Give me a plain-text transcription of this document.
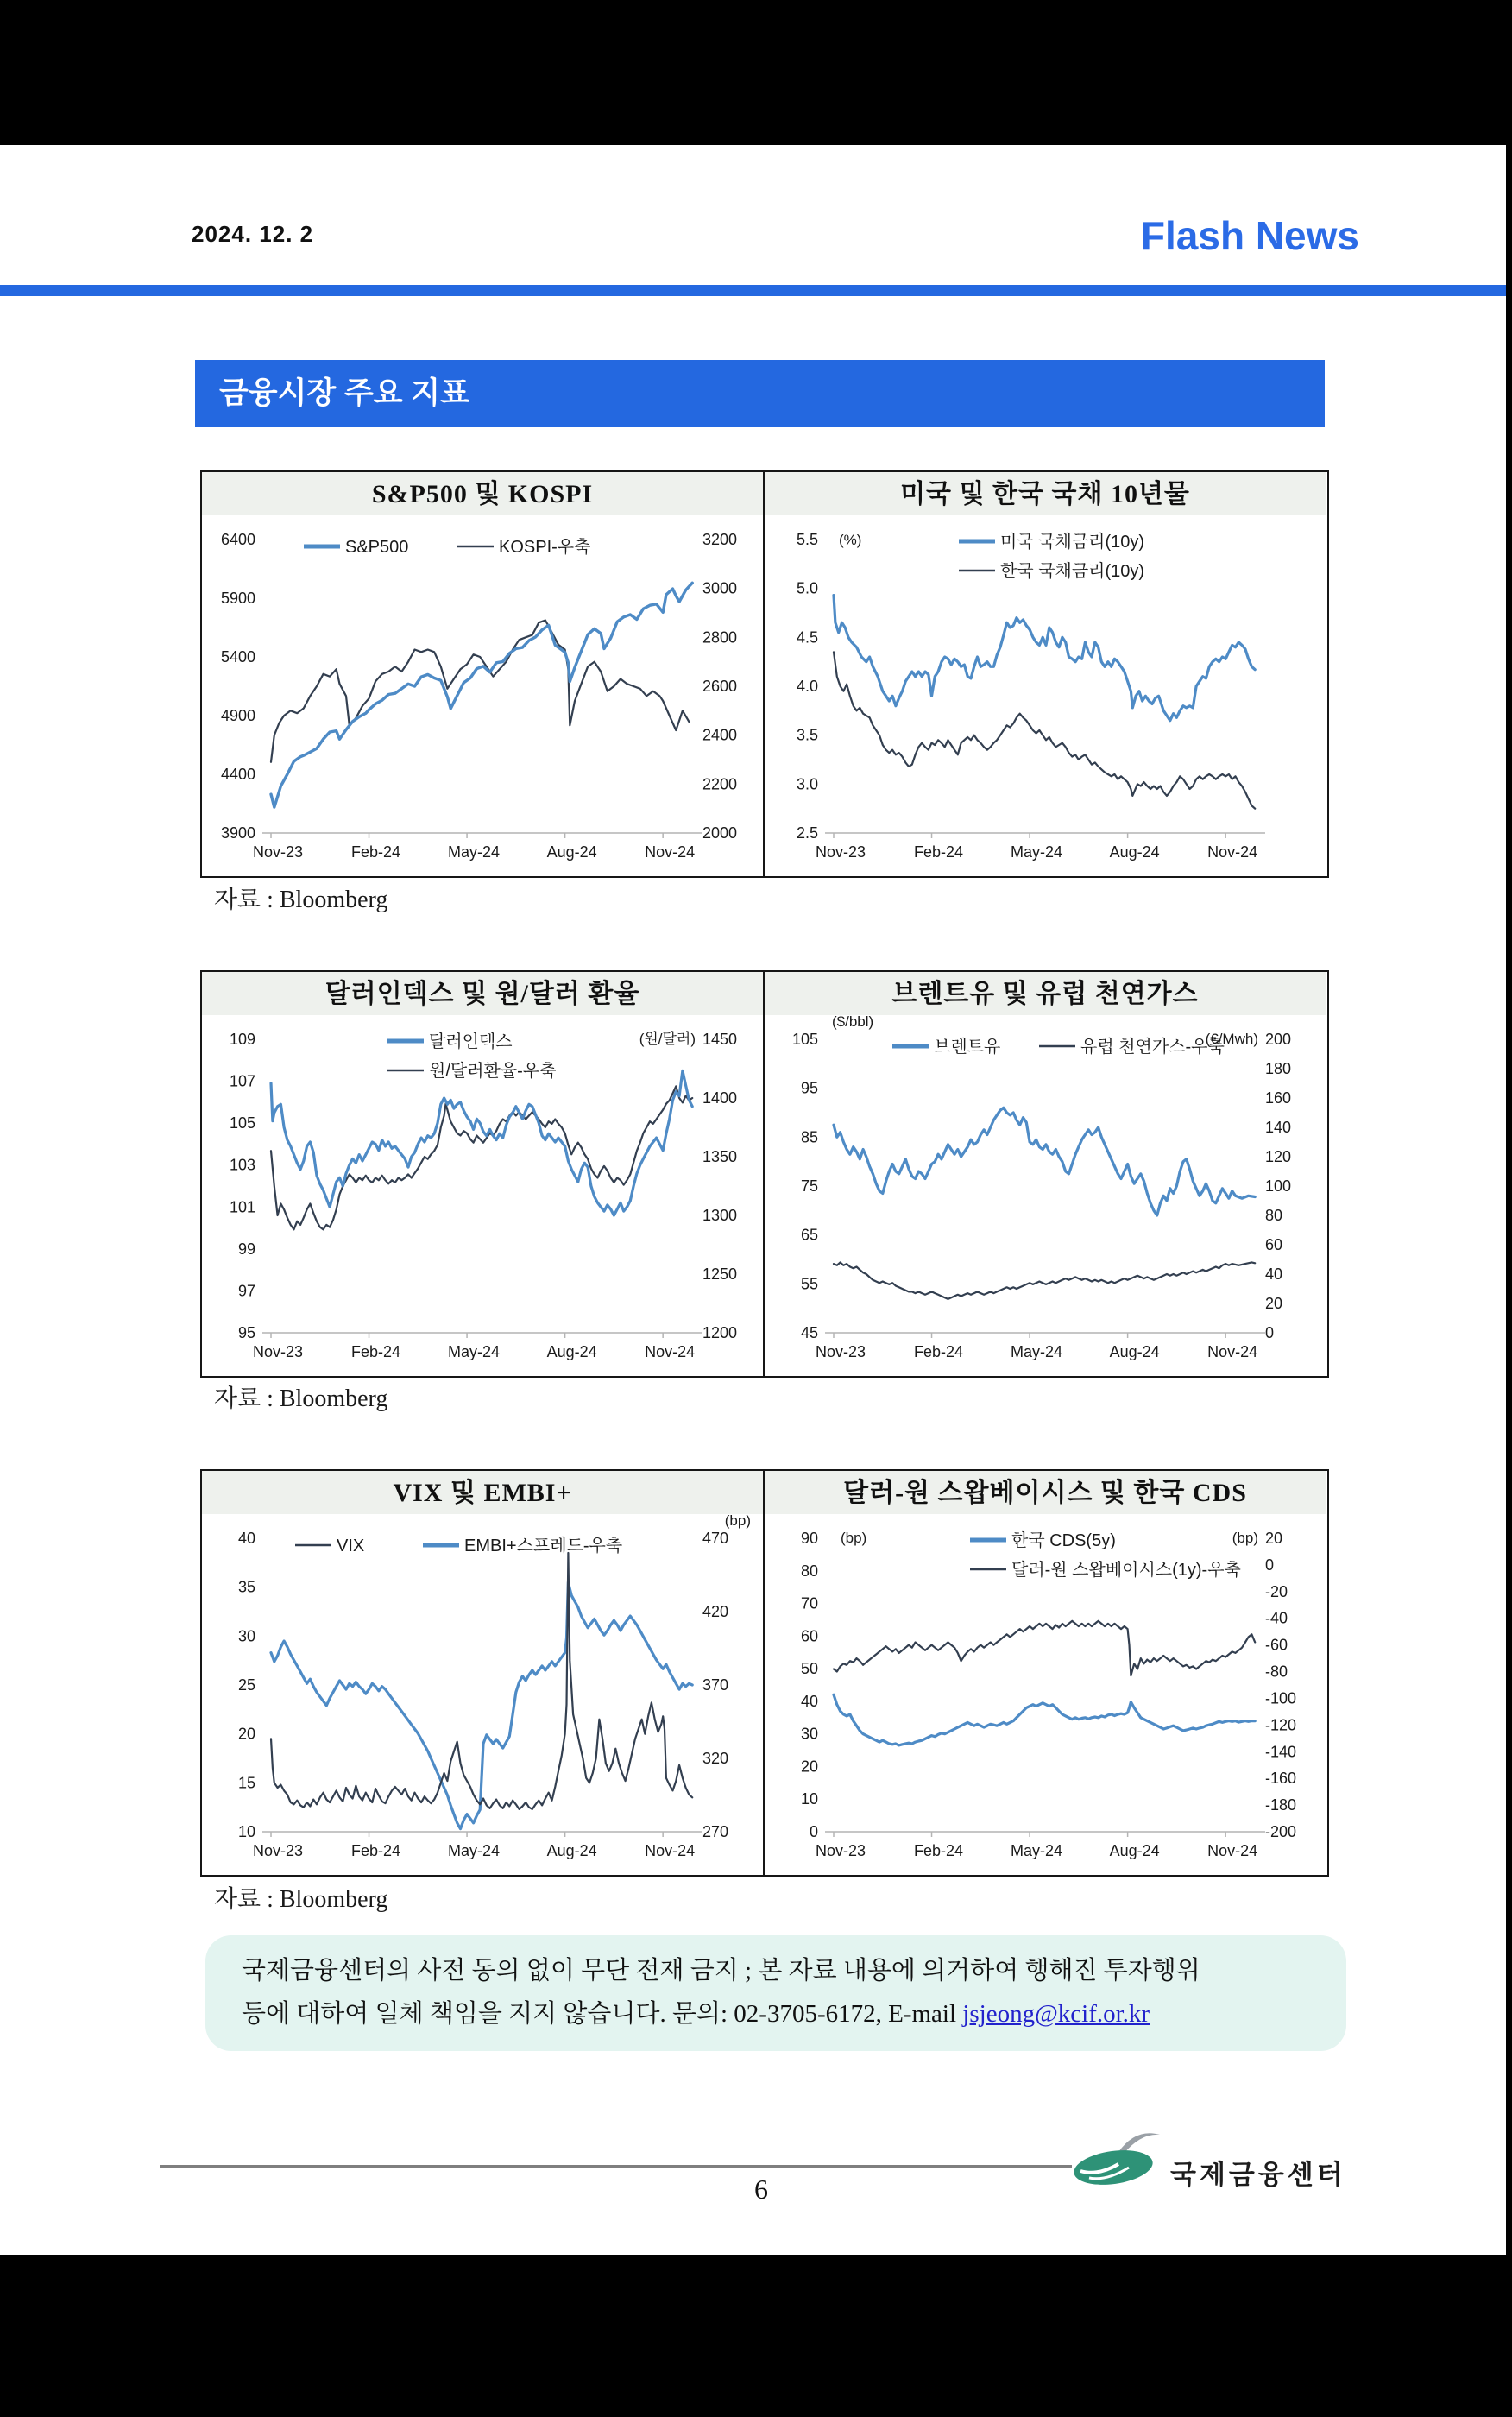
2024. 12. 2	Flash News
금융시장 주요 지표
S&P500 및 KOSPI
Nov-23	Feb-24	May-24	Aug-24	Nov-24
6400
5900
5400
4900
4400
3900
3200
3000
2800
2600
2400
2200
2000
S&P500	KOSPI-우축
미국 및 한국 국채 10년물
Nov-23	Feb-24	May-24	Aug-24	Nov-24
5.5
5.0
4.5
4.0
3.5
3.0
2.5
(%)	미국 국채금리(10y)
한국 국채금리(10y)
자료 : Bloomberg
달러인덱스 및 원/달러 환율
Nov-23	Feb-24	May-24	Aug-24	Nov-24
109
107
105
103
101
99
97
95
1450
1400
1350
1300
1250
1200
(원/달러)
달러인덱스
원/달러환율-우축
브렌트유 및 유럽 천연가스
Nov-23	Feb-24	May-24	Aug-24	Nov-24
105
95
85
75
65
55
45
200
180
160
140
120
100
80
60
40
20
0
($/bbl)
(€/Mwh)
브렌트유	유럽 천연가스-우축
자료 : Bloomberg
VIX 및 EMBI+
Nov-23	Feb-24	May-24	Aug-24	Nov-24
40
35
30
25
20
15
10
470
420
370
320
270
(bp)
VIX	EMBI+스프레드-우축
달러-원 스왑베이시스 및 한국 CDS
Nov-23	Feb-24	May-24	Aug-24	Nov-24
90
80
70
60
50
40
30
20
10
0
20
0
-20
-40
-60
-80
-100
-120
-140
-160
-180
-200
(bp)	(bp)
한국 CDS(5y)
달러-원 스왑베이시스(1y)-우축
자료 : Bloomberg
국제금융센터의 사전 동의 없이 무단 전재 금지 ; 본 자료 내용에 의거하여 행해진 투자행위
등에 대하여 일체 책임을 지지 않습니다. 문의: 02-3705-6172, E-mail jsjeong@kcif.or.kr
국제금융센터
6
